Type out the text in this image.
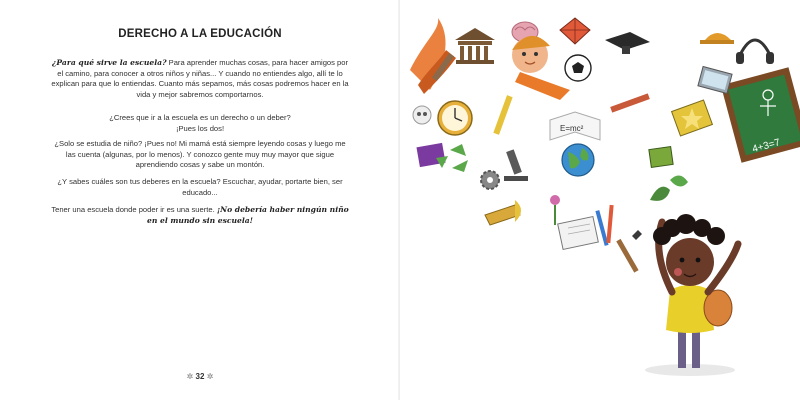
DERECHO A LA EDUCACIÓN
¿Para qué sirve la escuela? Para aprender muchas cosas, para hacer amigos por el camino, para conocer a otros niños y niñas... Y cuando no entiendes algo, allí te lo explican para que lo entiendas. Cuanto más sepamos, más cosas podremos hacer en la vida y mejor sabremos comportarnos.
¿Crees que ir a la escuela es un derecho o un deber?
¡Pues los dos!
¿Solo se estudia de niño? ¡Pues no! Mi mamá está siempre leyendo cosas y luego me las cuenta (algunas, por lo menos). Y conozco gente muy muy mayor que sigue aprendiendo cosas y sabe un montón.
¿Y sabes cuáles son tus deberes en la escuela? Escuchar, ayudar, portarte bien, ser educado...
Tener una escuela donde poder ir es una suerte. ¡No debería haber ningún niño en el mundo sin escuela!
✲ 32 ✲
4+3=7
E=mc²
